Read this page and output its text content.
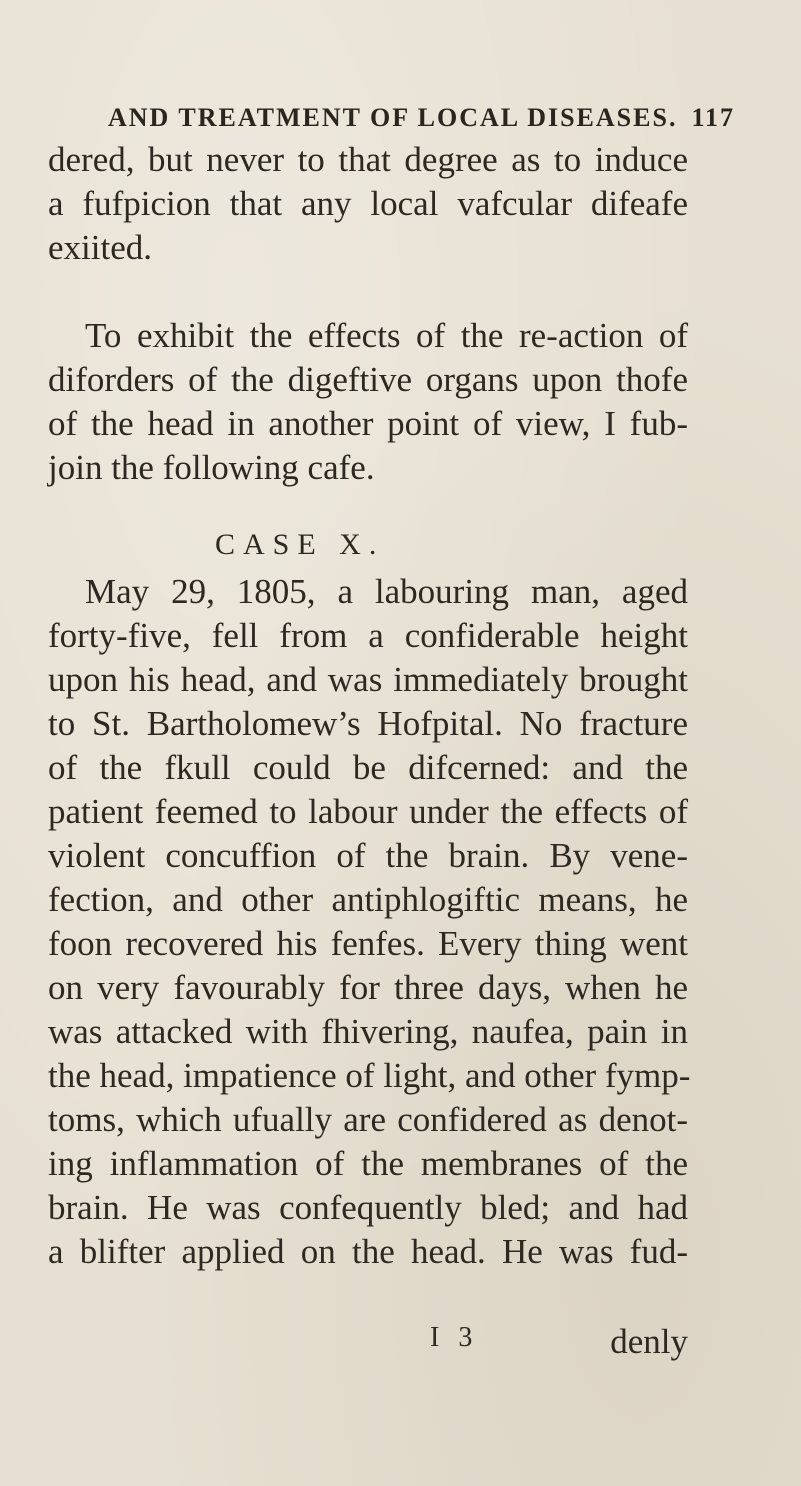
AND TREATMENT OF LOCAL DISEASES. 117
dered, but never to that degree as to induce
a fufpicion that any local vafcular difeafe
exiited.
To exhibit the effects of the re-action of
diforders of the digeftive organs upon thofe
of the head in another point of view, I fub-
join the following cafe.
CASE X.
May 29, 1805, a labouring man, aged
forty-five, fell from a confiderable height
upon his head, and was immediately brought
to St. Bartholomew’s Hofpital. No fracture
of the fkull could be difcerned: and the
patient feemed to labour under the effects of
violent concuffion of the brain. By vene-
fection, and other antiphlogiftic means, he
foon recovered his fenfes. Every thing went
on very favourably for three days, when he
was attacked with fhivering, naufea, pain in
the head, impatience of light, and other fymp-
toms, which ufually are confidered as denot-
ing inflammation of the membranes of the
brain. He was confequently bled; and had
a blifter applied on the head. He was fud-
I 3	denly
